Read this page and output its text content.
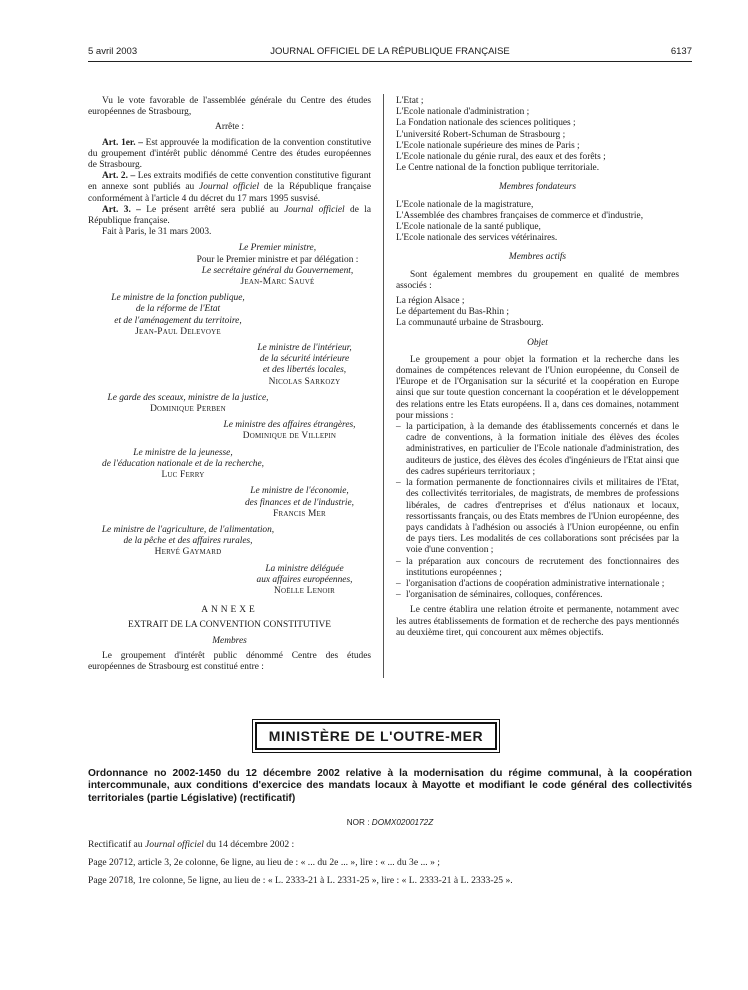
5 avril 2003	JOURNAL OFFICIEL DE LA RÉPUBLIQUE FRANÇAISE	6137

Vu le vote favorable de l'assemblée générale du Centre des études européennes de Strasbourg,

Arrête :

Art. 1er. – Est approuvée la modification de la convention constitutive du groupement d'intérêt public dénommé Centre des études européennes de Strasbourg.

Art. 2. – Les extraits modifiés de cette convention constitutive figurant en annexe sont publiés au Journal officiel de la République française conformément à l'article 4 du décret du 17 mars 1995 susvisé.

Art. 3. – Le présent arrêté sera publié au Journal officiel de la République française.

Fait à Paris, le 31 mars 2003.

Le Premier ministre,

Pour le Premier ministre et par délégation :

Le secrétaire général du Gouvernement,

Jean-Marc Sauvé

Le ministre de la fonction publique,

de la réforme de l'Etat

et de l'aménagement du territoire,

Jean-Paul Delevoye

Le ministre de l'intérieur,

de la sécurité intérieure

et des libertés locales,

Nicolas Sarkozy

Le garde des sceaux, ministre de la justice,

Dominique Perben

Le ministre des affaires étrangères,

Dominique de Villepin

Le ministre de la jeunesse,

de l'éducation nationale et de la recherche,

Luc Ferry

Le ministre de l'économie,

des finances et de l'industrie,

Francis Mer

Le ministre de l'agriculture, de l'alimentation,

de la pêche et des affaires rurales,

Hervé Gaymard

La ministre déléguée

aux affaires européennes,

Noëlle Lenoir

ANNEXE

EXTRAIT DE LA CONVENTION CONSTITUTIVE

Membres

Le groupement d'intérêt public dénommé Centre des études européennes de Strasbourg est constitué entre :

L'Etat ;

L'Ecole nationale d'administration ;

La Fondation nationale des sciences politiques ;

L'université Robert-Schuman de Strasbourg ;

L'Ecole nationale supérieure des mines de Paris ;

L'Ecole nationale du génie rural, des eaux et des forêts ;

Le Centre national de la fonction publique territoriale.

Membres fondateurs

L'Ecole nationale de la magistrature,

L'Assemblée des chambres françaises de commerce et d'industrie,

L'Ecole nationale de la santé publique,

L'Ecole nationale des services vétérinaires.

Membres actifs

Sont également membres du groupement en qualité de membres associés :

La région Alsace ;

Le département du Bas-Rhin ;

La communauté urbaine de Strasbourg.

Objet

Le groupement a pour objet la formation et la recherche dans les domaines de compétences relevant de l'Union européenne, du Conseil de l'Europe et de l'Organisation sur la sécurité et la coopération en Europe ainsi que sur toute question concernant la coopération et le développement des relations entre les Etats européens. Il a, dans ces domaines, notamment pour missions :

– la participation, à la demande des établissements concernés et dans le cadre de conventions, à la formation initiale des élèves des écoles administratives, en particulier de l'Ecole nationale d'administration, des auditeurs de justice, des élèves des écoles d'ingénieurs de l'Etat ainsi que des cadres supérieurs territoriaux ;

– la formation permanente de fonctionnaires civils et militaires de l'Etat, des collectivités territoriales, de magistrats, de membres de professions libérales, de cadres d'entreprises et d'élus nationaux et locaux, ressortissants français, ou des Etats membres de l'Union européenne, des pays candidats à l'adhésion ou associés à l'Union européenne, ou enfin de pays tiers. Les modalités de ces collaborations sont précisées par la voie d'une convention ;

– la préparation aux concours de recrutement des fonctionnaires des institutions européennes ;

– l'organisation d'actions de coopération administrative internationale ;

– l'organisation de séminaires, colloques, conférences.

Le centre établira une relation étroite et permanente, notamment avec les autres établissements de formation et de recherche des pays mentionnés au deuxième tiret, qui concourent aux mêmes objectifs.

MINISTÈRE DE L'OUTRE-MER
Ordonnance no 2002-1450 du 12 décembre 2002 relative à la modernisation du régime communal, à la coopération intercommunale, aux conditions d'exercice des mandats locaux à Mayotte et modifiant le code général des collectivités territoriales (partie Législative) (rectificatif)
NOR : DOMX0200172Z

Rectificatif au Journal officiel du 14 décembre 2002 :

Page 20712, article 3, 2e colonne, 6e ligne, au lieu de : « ... du 2e ... », lire : « ... du 3e ... » ;

Page 20718, 1re colonne, 5e ligne, au lieu de : « L. 2333-21 à L. 2331-25 », lire : « L. 2333-21 à L. 2333-25 ».
